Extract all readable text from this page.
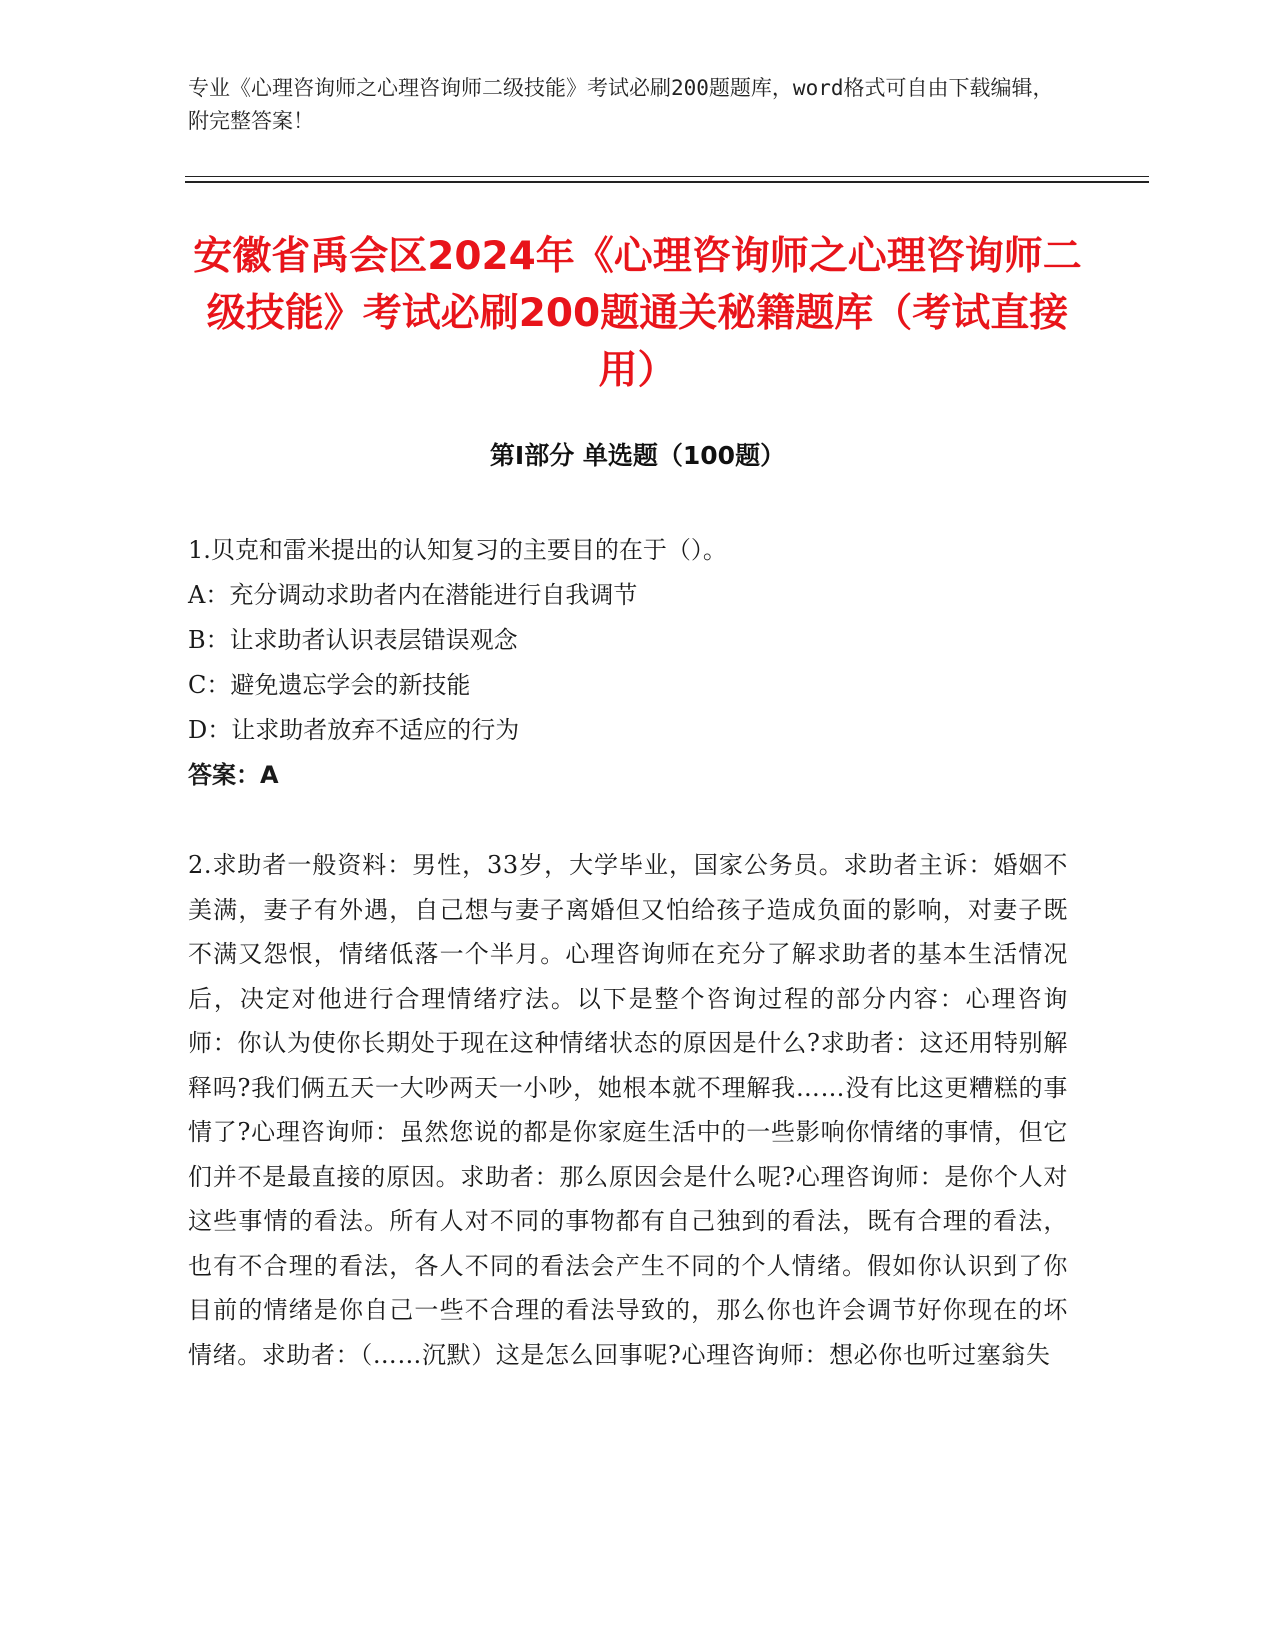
专业《心理咨询师之心理咨询师二级技能》考试必刷200题题库，word格式可自由下载编辑，附完整答案！
安徽省禹会区2024年《心理咨询师之心理咨询师二级技能》考试必刷200题通关秘籍题库（考试直接用）
第Ⅰ部分 单选题（100题）
1.贝克和雷米提出的认知复习的主要目的在于（）。
A：充分调动求助者内在潜能进行自我调节
B：让求助者认识表层错误观念
C：避免遗忘学会的新技能
D：让求助者放弃不适应的行为
答案：A

2.求助者一般资料：男性，33岁，大学毕业，国家公务员。求助者主诉：婚姻不美满，妻子有外遇，自己想与妻子离婚但又怕给孩子造成负面的影响，对妻子既不满又怨恨，情绪低落一个半月。心理咨询师在充分了解求助者的基本生活情况后，决定对他进行合理情绪疗法。以下是整个咨询过程的部分内容：心理咨询师：你认为使你长期处于现在这种情绪状态的原因是什么?求助者：这还用特别解释吗?我们俩五天一大吵两天一小吵，她根本就不理解我……没有比这更糟糕的事情了?心理咨询师：虽然您说的都是你家庭生活中的一些影响你情绪的事情，但它们并不是最直接的原因。求助者：那么原因会是什么呢?心理咨询师：是你个人对这些事情的看法。所有人对不同的事物都有自己独到的看法，既有合理的看法，也有不合理的看法，各人不同的看法会产生不同的个人情绪。假如你认识到了你目前的情绪是你自己一些不合理的看法导致的，那么你也许会调节好你现在的坏情绪。求助者：（……沉默）这是怎么回事呢?心理咨询师：想必你也听过塞翁失
